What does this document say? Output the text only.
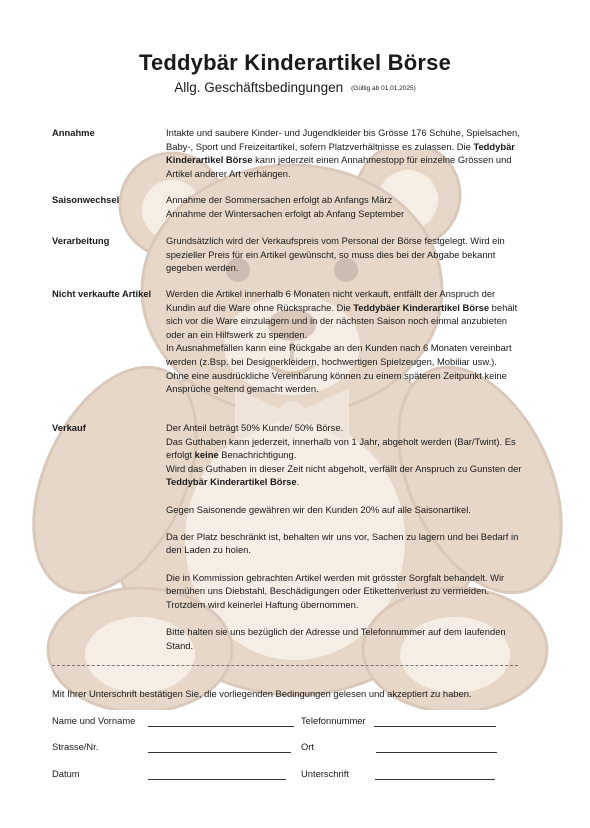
Teddybär Kinderartikel Börse
Allg. Geschäftsbedingungen (Gültig ab 01.01.2025)
Annahme	Intakte und saubere Kinder- und Jugendkleider bis Grösse 176 Schuhe, Spielsachen, Baby-, Sport und Freizeitartikel, sofern Platzverhältnisse es zulassen. Die Teddybär Kinderartikel Börse kann jederzeit einen Annahmestopp für einzelne Grössen und Artikel anderer Art verhängen.

Saisonwechsel	Annahme der Sommersachen erfolgt ab Anfangs März

Annahme der Wintersachen erfolgt ab Anfang September

Verarbeitung	Grundsätzlich wird der Verkaufspreis vom Personal der Börse festgelegt. Wird ein spezieller Preis für ein Artikel gewünscht, so muss dies bei der Abgabe bekannt gegeben werden.

Nicht verkaufte Artikel	Werden die Artikel innerhalb 6 Monaten nicht verkauft, entfällt der Anspruch der Kundin auf die Ware ohne Rücksprache. Die Teddybäer Kinderartikel Börse behält sich vor die Ware einzulagern und in der nächsten Saison noch einmal anzubieten oder an ein Hilfswerk zu spenden.

In Ausnahmefällen kann eine Rückgabe an den Kunden nach 6 Monaten vereinbart werden (z.Bsp. bei Designerkleidern, hochwertigen Spielzeugen, Mobiliar usw.).

Ohne eine ausdrückliche Vereinbarung können zu einem späteren Zeitpunkt keine Ansprüche geltend gemacht werden.

Verkauf	Der Anteil beträgt 50% Kunde/ 50% Börse.

Das Guthaben kann jederzeit, innerhalb von 1 Jahr, abgeholt werden (Bar/Twint). Es erfolgt keine Benachrichtigung.

Wird das Guthaben in dieser Zeit nicht abgeholt, verfällt der Anspruch zu Gunsten der Teddybär Kinderartikel Börse.

Gegen Saisonende gewähren wir den Kunden 20% auf alle Saisonartikel.

Da der Platz beschränkt ist, behalten wir uns vor, Sachen zu lagern und bei Bedarf in den Laden zu holen.

Die in Kommission gebrachten Artikel werden mit grösster Sorgfalt behandelt. Wir bemühen uns Diebstahl, Beschädigungen oder Etikettenverlust zu vermeiden. Trotzdem wird keinerlei Haftung übernommen.

Bitte halten sie uns bezüglich der Adresse und Telefonnummer auf dem laufenden Stand.

Mit Ihrer Unterschrift bestätigen Sie, die vorliegenden Bedingungen gelesen und akzeptiert zu haben.
Name und Vorname	Telefonnummer
Strasse/Nr.	Ort
Datum	Unterschrift
